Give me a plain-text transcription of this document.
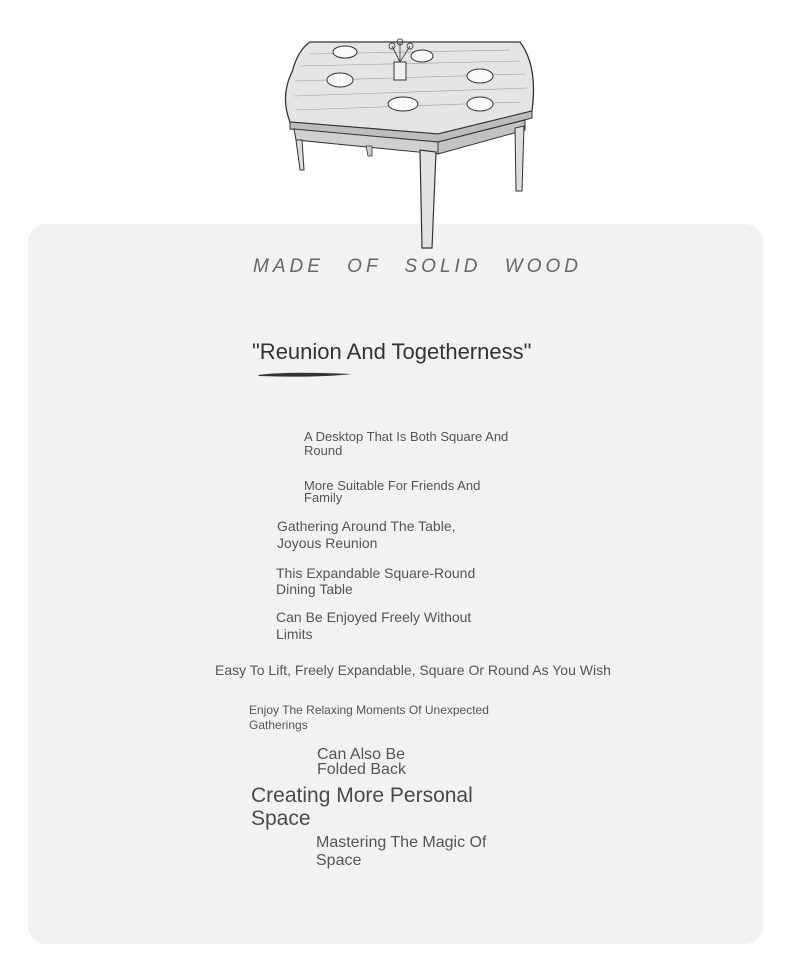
MADE OF SOLID WOOD
"Reunion And Togetherness"
A Desktop That Is Both Square And Round
More Suitable For Friends And Family
Gathering Around The Table, Joyous Reunion
This Expandable Square-Round Dining Table
Can Be Enjoyed Freely Without Limits
Easy To Lift, Freely Expandable, Square Or Round As You Wish
Enjoy The Relaxing Moments Of Unexpected Gatherings
Can Also Be Folded Back
Creating More Personal Space
Mastering The Magic Of Space
